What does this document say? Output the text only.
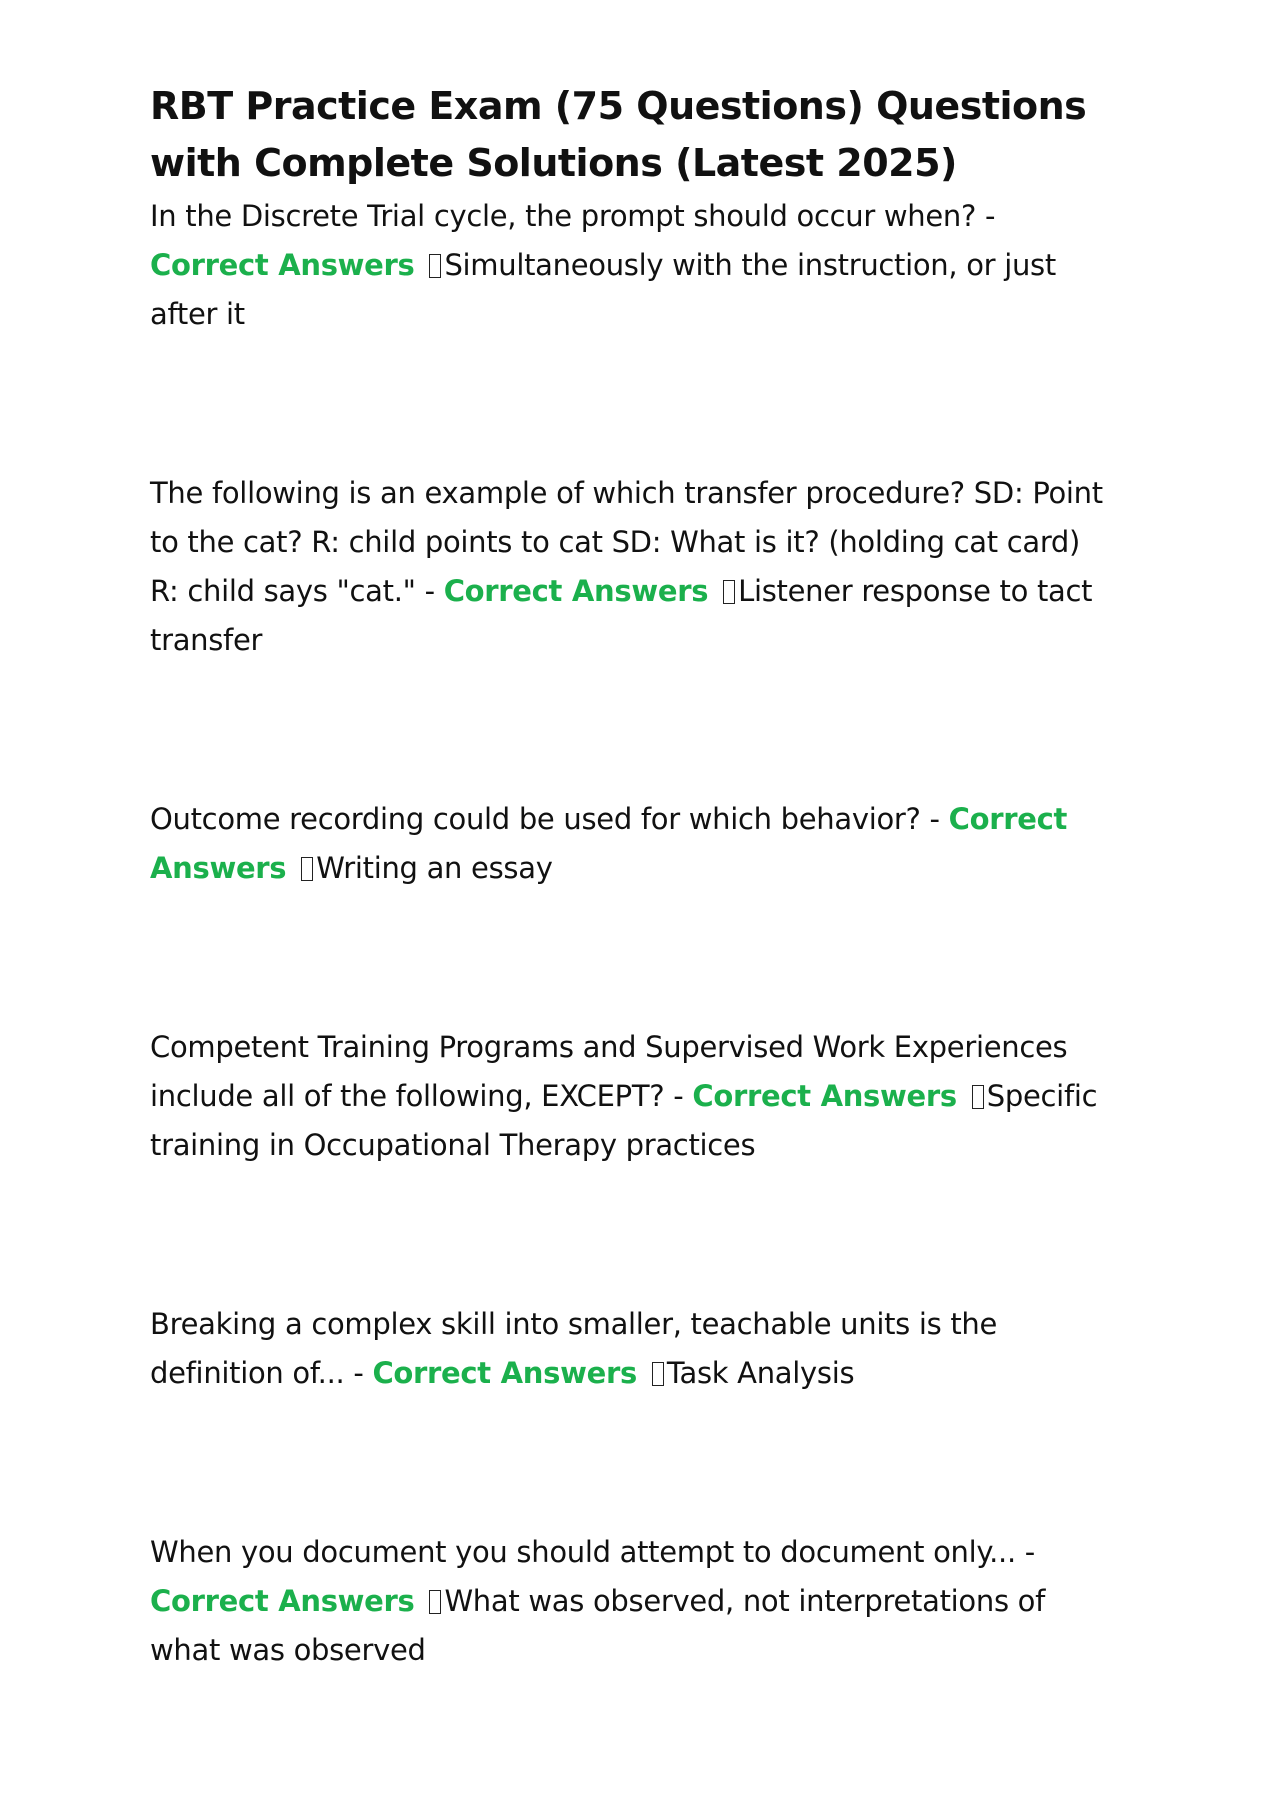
RBT Practice Exam (75 Questions) Questions with Complete Solutions (Latest 2025)

In the Discrete Trial cycle, the prompt should occur when? - Correct Answers Simultaneously with the instruction, or just after it

The following is an example of which transfer procedure? SD: Point to the cat? R: child points to cat SD: What is it? (holding cat card) R: child says "cat." - Correct Answers Listener response to tact transfer

Outcome recording could be used for which behavior? - Correct Answers Writing an essay

Competent Training Programs and Supervised Work Experiences include all of the following, EXCEPT? - Correct Answers Specific training in Occupational Therapy practices

Breaking a complex skill into smaller, teachable units is the definition of... - Correct Answers Task Analysis

When you document you should attempt to document only... - Correct Answers What was observed, not interpretations of what was observed
